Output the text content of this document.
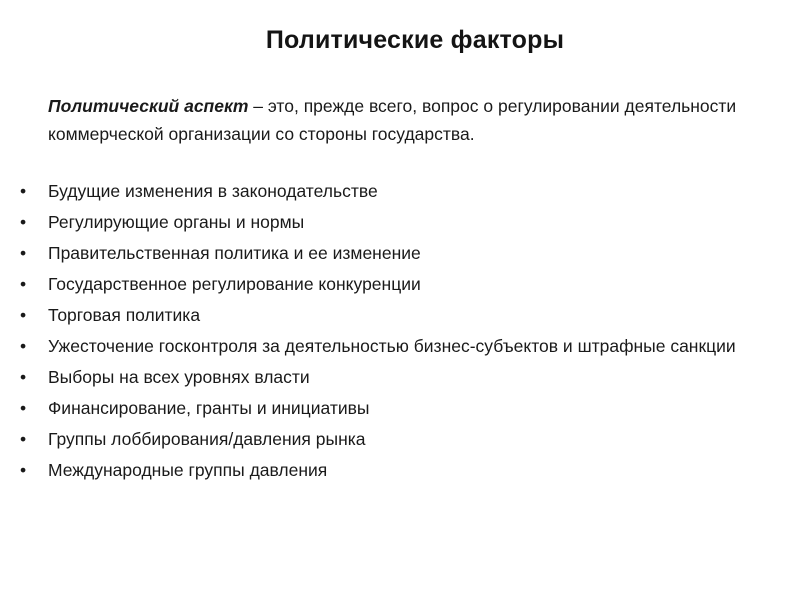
Политические факторы
Политический аспект – это, прежде всего, вопрос о регулировании деятельности коммерческой организации со стороны государства.
•	Будущие изменения в законодательстве
•	Регулирующие органы и нормы
•	Правительственная политика и ее изменение
•	Государственное регулирование конкуренции
•	Торговая политика
•	Ужесточение госконтроля за деятельностью бизнес-субъектов и штрафные санкции
•	Выборы на всех уровнях власти
•	Финансирование, гранты и инициативы
•	Группы лоббирования/давления рынка
•	Международные группы давления
